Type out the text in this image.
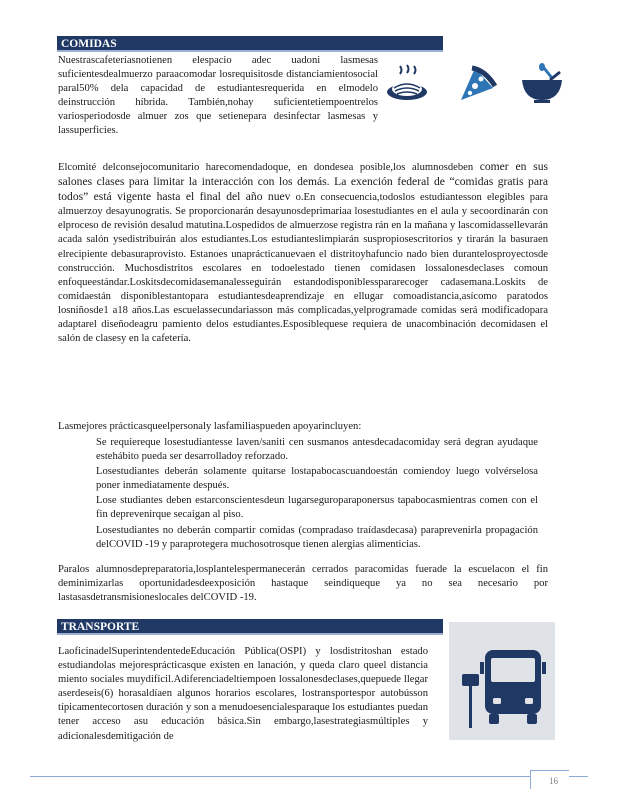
COMIDAS

Nuestrascafeteríasnotienen elespacio adec uadoni lasmesas suficientesdealmuerzo paraacomodar losrequisitosde distanciamientosocial paral50% dela capacidad de estudiantesrequerida en elmodelo deinstrucción híbrida. También,nohay suficientetiempoentrelos variosperiodosde almuer zos que setienepara desinfectar lasmesas y lassuperficies.

Elcomité delconsejocomunitario harecomendadoque, en dondesea posible,los alumnosdeben comer en sus salones clases para limitar la interacción con los demás. La exención federal de “comidas gratis para todos” está vigente hasta el final del año nuev o.En consecuencia,todoslos estudiantesson elegibles para almuerzoy desayunogratis. Se proporcionarán desayunosdeprimariaa losestudiantes en el aula y secoordinarán con elproceso de revisión desalud matutina.Lospedidos de almuerzose registra rán en la mañana y lascomidassellevarán acada salón ysedistribuirán alos estudiantes.Los estudianteslimpiarán suspropiosescritorios y tirarán la basuraen elrecipiente debasuraprovisto. Estanoes unaprácticanuevaen el distritoyhafuncio nado bien durantelosproyectosde construcción. Muchosdistritos escolares en todoelestado tienen comidasen lossalonesdeclases comoun enfoqueestándar.Loskitsdecomidasemanalesseguirán estandodisponiblesspararecoger cadasemana.Loskits de comidaestán disponiblestantopara estudiantesdeaprendizaje en ellugar comoadistancia,asícomo paratodos losniñosde1 a18 años.Las escuelassecundariasson más complicadas,yelprogramade comidas será modificadopara adaptarel diseñodeagru pamiento delos estudiantes.Esposiblequese requiera de unacombinación decomidasen el salón de clasesy en la cafetería.

Lasmejores prácticasqueelpersonaly lasfamiliaspueden apoyarincluyen:

Se requiereque losestudiantesse laven/saniti cen susmanos antesdecadacomiday será degran ayudaque estehábito pueda ser desarrolladoy reforzado.
Losestudiantes deberán solamente quitarse lostapabocascuandoestán comiendoy luego volvérselosa poner inmediatamente después.
Lose studiantes deben estarconscientesdeun lugarseguroparaponersus tapabocasmientras comen con el fin deprevenirque secaigan al piso.
Losestudiantes no deberán compartir comidas (compradaso traídasdecasa) paraprevenirla propagación delCOVID -19 y paraprotegera muchosotrosque tienen alergias alimenticias.

Paralos alumnosdepreparatoria,losplantelespermanecerán cerrados paracomidas fuerade la escuelacon el fin deminimizarlas oportunidadesdeexposición hastaque seindiqueque ya no sea necesario por lastasasdetransmisioneslocales delCOVID -19.

TRANSPORTE

LaoficinadelSuperintendentedeEducación Pública(OSPI) y losdistritoshan estado estudiandolas mejoresprácticasque existen en lanación, y queda claro queel distancia miento sociales muydifícil.Adiferenciadeltiempoen lossalonesdeclases,quepuede llegar aserdeseis(6) horasaldíaen algunos horarios escolares, lostransportespor autobússon típicamentecortosen duración y son a menudoesencialesparaque los estudiantes puedan tener acceso asu educación básica.Sin embargo,lasestrategiasmúltiples y adicionalesdemitigación de

16
